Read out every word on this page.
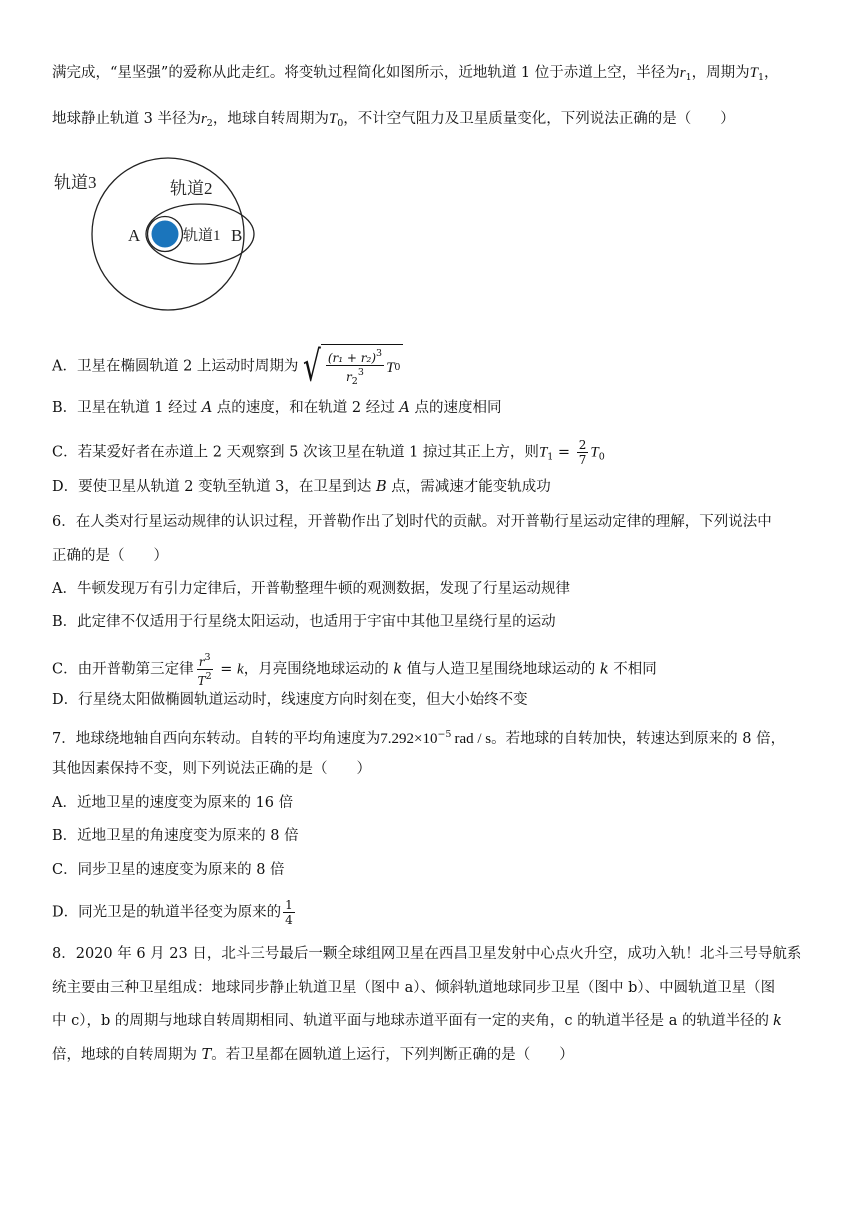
满完成，“星坚强”的爱称从此走红。将变轨过程简化如图所示，近地轨道 1 位于赤道上空，半径为$r_1$，周期为$T_1$，
地球静止轨道 3 半径为$r_2$，地球自转周期为$T_0$，不计空气阻力及卫星质量变化，下列说法正确的是（　　）
轨道3	轨道2
轨道1
A	B
A．卫星在椭圆轨道 2 上运动时周期为 √ $\frac{(r_1 + r_2)^3}{r_2^3}$ T 0
B．卫星在轨道 1 经过 A 点的速度，和在轨道 2 经过 A 点的速度相同
C．若某爱好者在赤道上 2 天观察到 5 次该卫星在轨道 1 掠过其正上方，则$T_1 = \frac{2}{7} T_0$
D．要使卫星从轨道 2 变轨至轨道 3，在卫星到达 B 点，需减速才能变轨成功
6．在人类对行星运动规律的认识过程，开普勒作出了划时代的贡献。对开普勒行星运动定律的理解，下列说法中
正确的是（　　）
A．牛顿发现万有引力定律后，开普勒整理牛顿的观测数据，发现了行星运动规律
B．此定律不仅适用于行星绕太阳运动，也适用于宇宙中其他卫星绕行星的运动
C．由开普勒第三定律 $\frac{r^3}{T^2} = k$，月亮围绕地球运动的 k 值与人造卫星围绕地球运动的 k 不相同
D．行星绕太阳做椭圆轨道运动时，线速度方向时刻在变，但大小始终不变
7．地球绕地轴自西向东转动。自转的平均角速度为$7.292\times 10^{-5}$ rad / s。若地球的自转加快，转速达到原来的 8 倍，
其他因素保持不变，则下列说法正确的是（　　）
A．近地卫星的速度变为原来的 16 倍
B．近地卫星的角速度变为原来的 8 倍
C．同步卫星的速度变为原来的 8 倍
D．同光卫是的轨道半径变为原来的 $\frac{1}{4}$
8．2020 年 6 月 23 日，北斗三号最后一颗全球组网卫星在西昌卫星发射中心点火升空，成功入轨！北斗三号导航系
统主要由三种卫星组成：地球同步静止轨道卫星（图中 a）、倾斜轨道地球同步卫星（图中 b）、中圆轨道卫星（图
中 c），b 的周期与地球自转周期相同、轨道平面与地球赤道平面有一定的夹角，c 的轨道半径是 a 的轨道半径的 k
倍，地球的自转周期为 T。若卫星都在圆轨道上运行，下列判断正确的是（　　）
